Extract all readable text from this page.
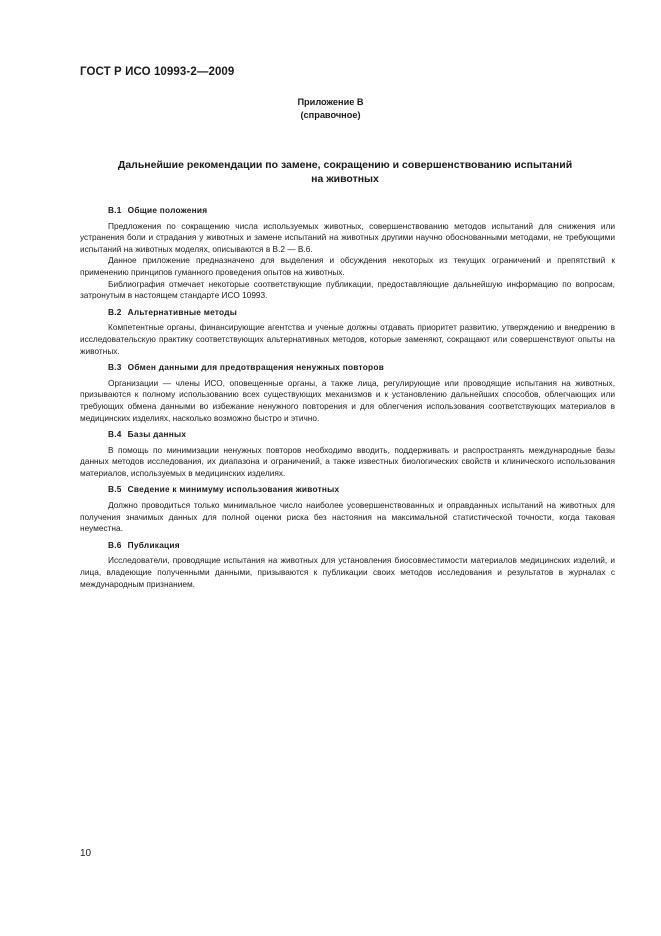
ГОСТ Р ИСО 10993-2—2009
Приложение В
(справочное)
Дальнейшие рекомендации по замене, сокращению и совершенствованию испытаний
на животных

В.1 Общие положения

Предложения по сокращению числа используемых животных, совершенствованию методов испытаний для снижения или устранения боли и страдания у животных и замене испытаний на животных другими научно обоснованными методами, не требующими испытаний на животных моделях, описываются в В.2 — В.6.

Данное приложение предназначено для выделения и обсуждения некоторых из текущих ограничений и препятствий к применению принципов гуманного проведения опытов на животных.

Библиография отмечает некоторые соответствующие публикации, предоставляющие дальнейшую информацию по вопросам, затронутым в настоящем стандарте ИСО 10993.

В.2 Альтернативные методы

Компетентные органы, финансирующие агентства и ученые должны отдавать приоритет развитию, утверждению и внедрению в исследовательскую практику соответствующих альтернативных методов, которые заменяют, сокращают или совершенствуют опыты на животных.

В.3 Обмен данными для предотвращения ненужных повторов

Организации — члены ИСО, оповещенные органы, а также лица, регулирующие или проводящие испытания на животных, призываются к полному использованию всех существующих механизмов и к установлению дальнейших способов, облегчающих или требующих обмена данными во избежание ненужного повторения и для облегчения использования соответствующих материалов в медицинских изделиях, насколько возможно быстро и этично.

В.4 Базы данных

В помощь по минимизации ненужных повторов необходимо вводить, поддерживать и распространять международные базы данных методов исследования, их диапазона и ограничений, а также известных биологических свойств и клинического использования материалов, используемых в медицинских изделиях.

В.5 Сведение к минимуму использования животных

Должно проводиться только минимальное число наиболее усовершенствованных и оправданных испытаний на животных для получения значимых данных для полной оценки риска без настояния на максимальной статистической точности, когда таковая неуместна.

В.6 Публикация

Исследователи, проводящие испытания на животных для установления биосовместимости материалов медицинских изделий, и лица, владеющие полученными данными, призываются к публикации своих методов исследования и результатов в журналах с международным признанием.

10
